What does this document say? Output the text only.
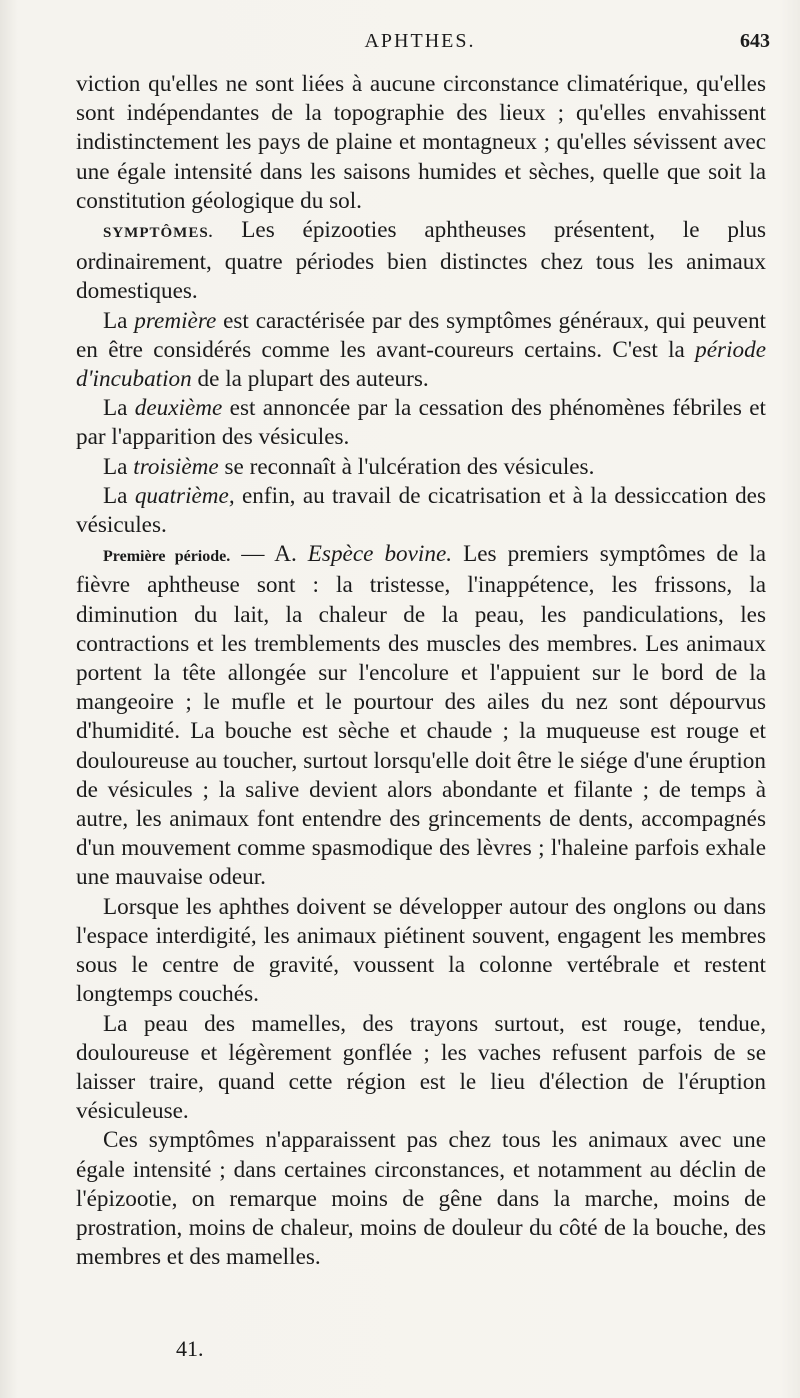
APHTHES.	643

viction qu'elles ne sont liées à aucune circonstance climatérique, qu'elles sont indépendantes de la topographie des lieux ; qu'elles envahissent indistinctement les pays de plaine et montagneux ; qu'elles sévissent avec une égale intensité dans les saisons humides et sèches, quelle que soit la constitution géologique du sol.

SYMPTÔMES. Les épizooties aphtheuses présentent, le plus ordinairement, quatre périodes bien distinctes chez tous les animaux domestiques.

La première est caractérisée par des symptômes généraux, qui peuvent en être considérés comme les avant-coureurs certains. C'est la période d'incubation de la plupart des auteurs.

La deuxième est annoncée par la cessation des phénomènes fébriles et par l'apparition des vésicules.

La troisième se reconnaît à l'ulcération des vésicules.

La quatrième, enfin, au travail de cicatrisation et à la dessiccation des vésicules.

Première période. — A. Espèce bovine. Les premiers symptômes de la fièvre aphtheuse sont : la tristesse, l'inappétence, les frissons, la diminution du lait, la chaleur de la peau, les pandiculations, les contractions et les tremblements des muscles des membres. Les animaux portent la tête allongée sur l'encolure et l'appuient sur le bord de la mangeoire ; le mufle et le pourtour des ailes du nez sont dépourvus d'humidité. La bouche est sèche et chaude ; la muqueuse est rouge et douloureuse au toucher, surtout lorsqu'elle doit être le siége d'une éruption de vésicules ; la salive devient alors abondante et filante ; de temps à autre, les animaux font entendre des grincements de dents, accompagnés d'un mouvement comme spasmodique des lèvres ; l'haleine parfois exhale une mauvaise odeur.

Lorsque les aphthes doivent se développer autour des onglons ou dans l'espace interdigité, les animaux piétinent souvent, engagent les membres sous le centre de gravité, voussent la colonne vertébrale et restent longtemps couchés.

La peau des mamelles, des trayons surtout, est rouge, tendue, douloureuse et légèrement gonflée ; les vaches refusent parfois de se laisser traire, quand cette région est le lieu d'élection de l'éruption vésiculeuse.

Ces symptômes n'apparaissent pas chez tous les animaux avec une égale intensité ; dans certaines circonstances, et notamment au déclin de l'épizootie, on remarque moins de gêne dans la marche, moins de prostration, moins de chaleur, moins de douleur du côté de la bouche, des membres et des mamelles.

41.
